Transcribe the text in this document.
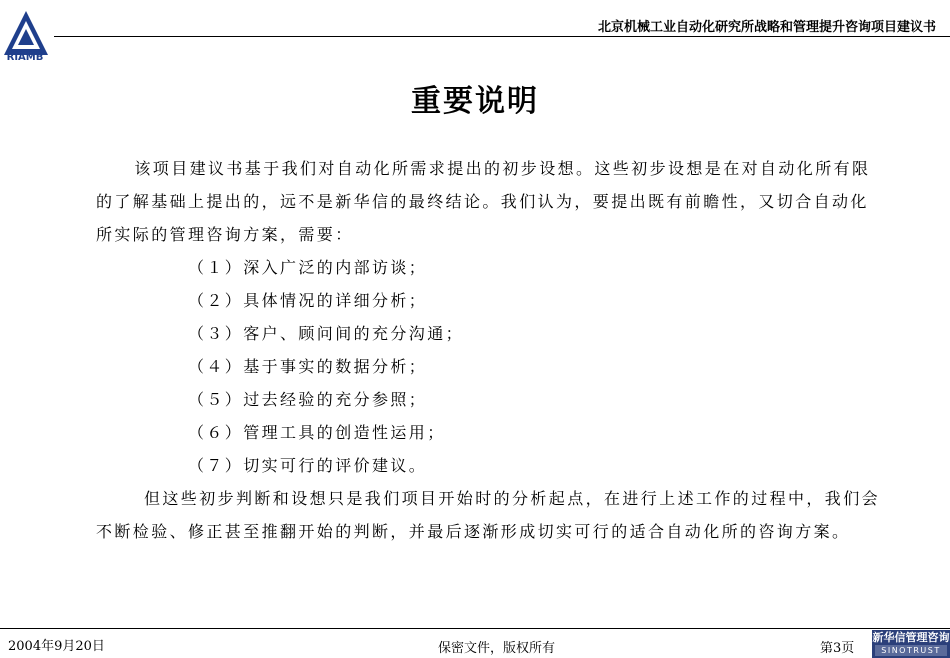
RIAMB
北京机械工业自动化研究所战略和管理提升咨询项目建议书
重要说明

该项目建议书基于我们对自动化所需求提出的初步设想。这些初步设想是在对自动化所有限的了解基础上提出的，远不是新华信的最终结论。我们认为，要提出既有前瞻性，又切合自动化所实际的管理咨询方案，需要：

（１）深入广泛的内部访谈；
（２）具体情况的详细分析；
（３）客户、顾问间的充分沟通；
（４）基于事实的数据分析；
（５）过去经验的充分参照；
（６）管理工具的创造性运用；
（７）切实可行的评价建议。

但这些初步判断和设想只是我们项目开始时的分析起点，在进行上述工作的过程中，我们会不断检验、修正甚至推翻开始的判断，并最后逐渐形成切实可行的适合自动化所的咨询方案。

2004年9月20日	保密文件，版权所有	第3页
新华信管理咨询
SINOTRUST
